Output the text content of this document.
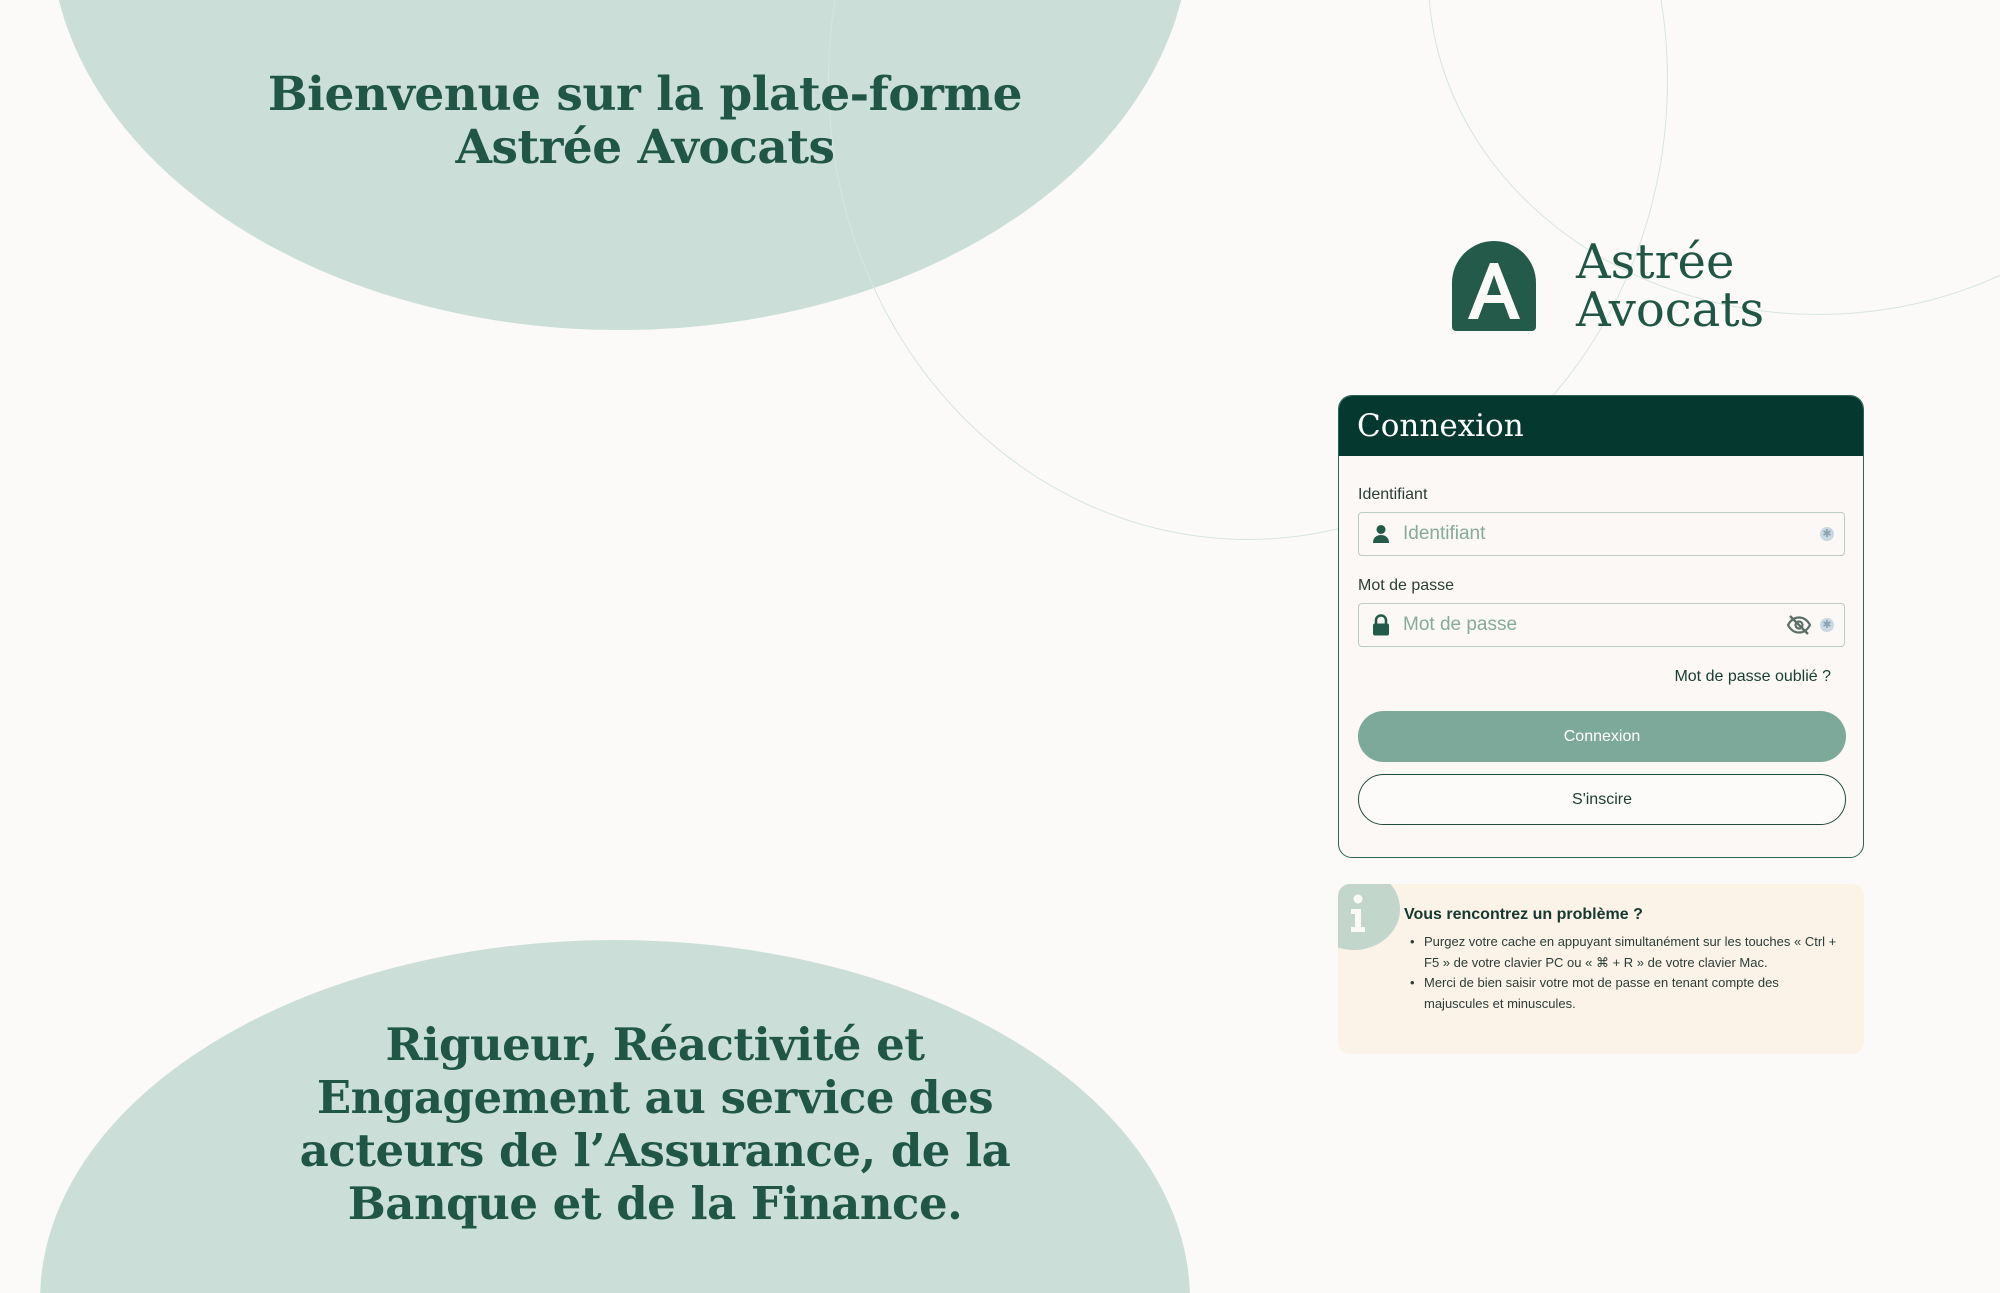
Bienvenue sur la plate-forme
Astrée Avocats
Rigueur, Réactivité et
Engagement au service des
acteurs de l’Assurance, de la
Banque et de la Finance.
Astrée
Avocats
Connexion
Identifiant
Identifiant
✱
Mot de passe
✱
Mot de passe oublié ?
Connexion
S'inscire
Vous rencontrez un problème ?
• Purgez votre cache en appuyant simultanément sur les touches « Ctrl + F5 » de votre clavier PC ou « ⌘ + R » de votre clavier Mac.
• Merci de bien saisir votre mot de passe en tenant compte des majuscules et minuscules.
